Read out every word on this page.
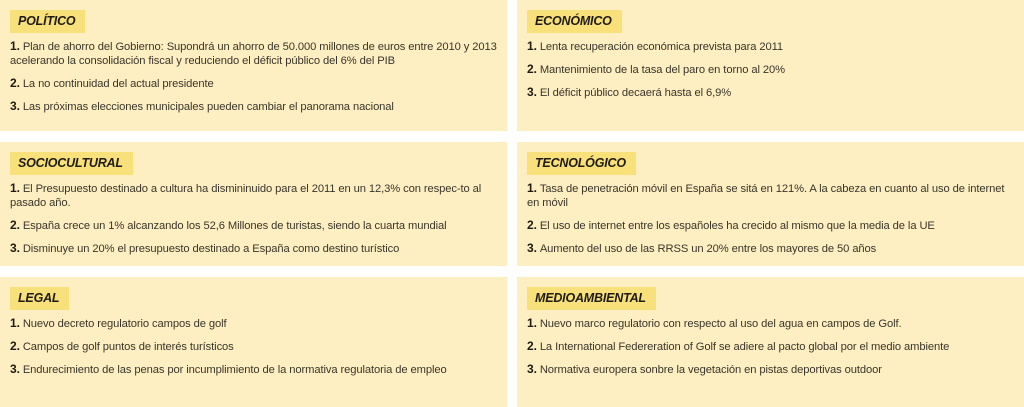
POLÍTICO
1. Plan de ahorro del Gobierno: Supondrá un ahorro de 50.000 millones de euros entre 2010 y 2013 acelerando la consolidación fiscal y reduciendo el déficit público del 6% del PIB
2. La no continuidad del actual presidente
3. Las próximas elecciones municipales pueden cambiar el panorama nacional
ECONÓMICO
1. Lenta recuperación económica prevista para 2011
2. Mantenimiento de la tasa del paro en torno al 20%
3. El déficit público decaerá hasta el 6,9%
SOCIOCULTURAL
1. El Presupuesto destinado a cultura ha dismininuido para el 2011 en un 12,3% con respec-to al pasado año.
2. España crece un 1% alcanzando los 52,6 Millones de turistas, siendo la cuarta mundial
3. Disminuye un 20% el presupuesto destinado a España como destino turístico
TECNOLÓGICO
1. Tasa de penetración móvil en España se sitá en 121%. A la cabeza en cuanto al uso de internet en móvil
2. El uso de internet entre los españoles ha crecido al mismo que la media de la UE
3. Aumento del uso de las RRSS un 20% entre los mayores de 50 años
LEGAL
1. Nuevo decreto regulatorio campos de golf
2. Campos de golf puntos de interés turísticos
3. Endurecimiento de las penas por incumplimiento de la normativa regulatoria de empleo
MEDIOAMBIENTAL
1. Nuevo marco regulatorio con respecto al uso del agua en campos de Golf.
2. La International Federeration of Golf se adiere al pacto global por el medio ambiente
3. Normativa europera sonbre la vegetación en pistas deportivas outdoor
